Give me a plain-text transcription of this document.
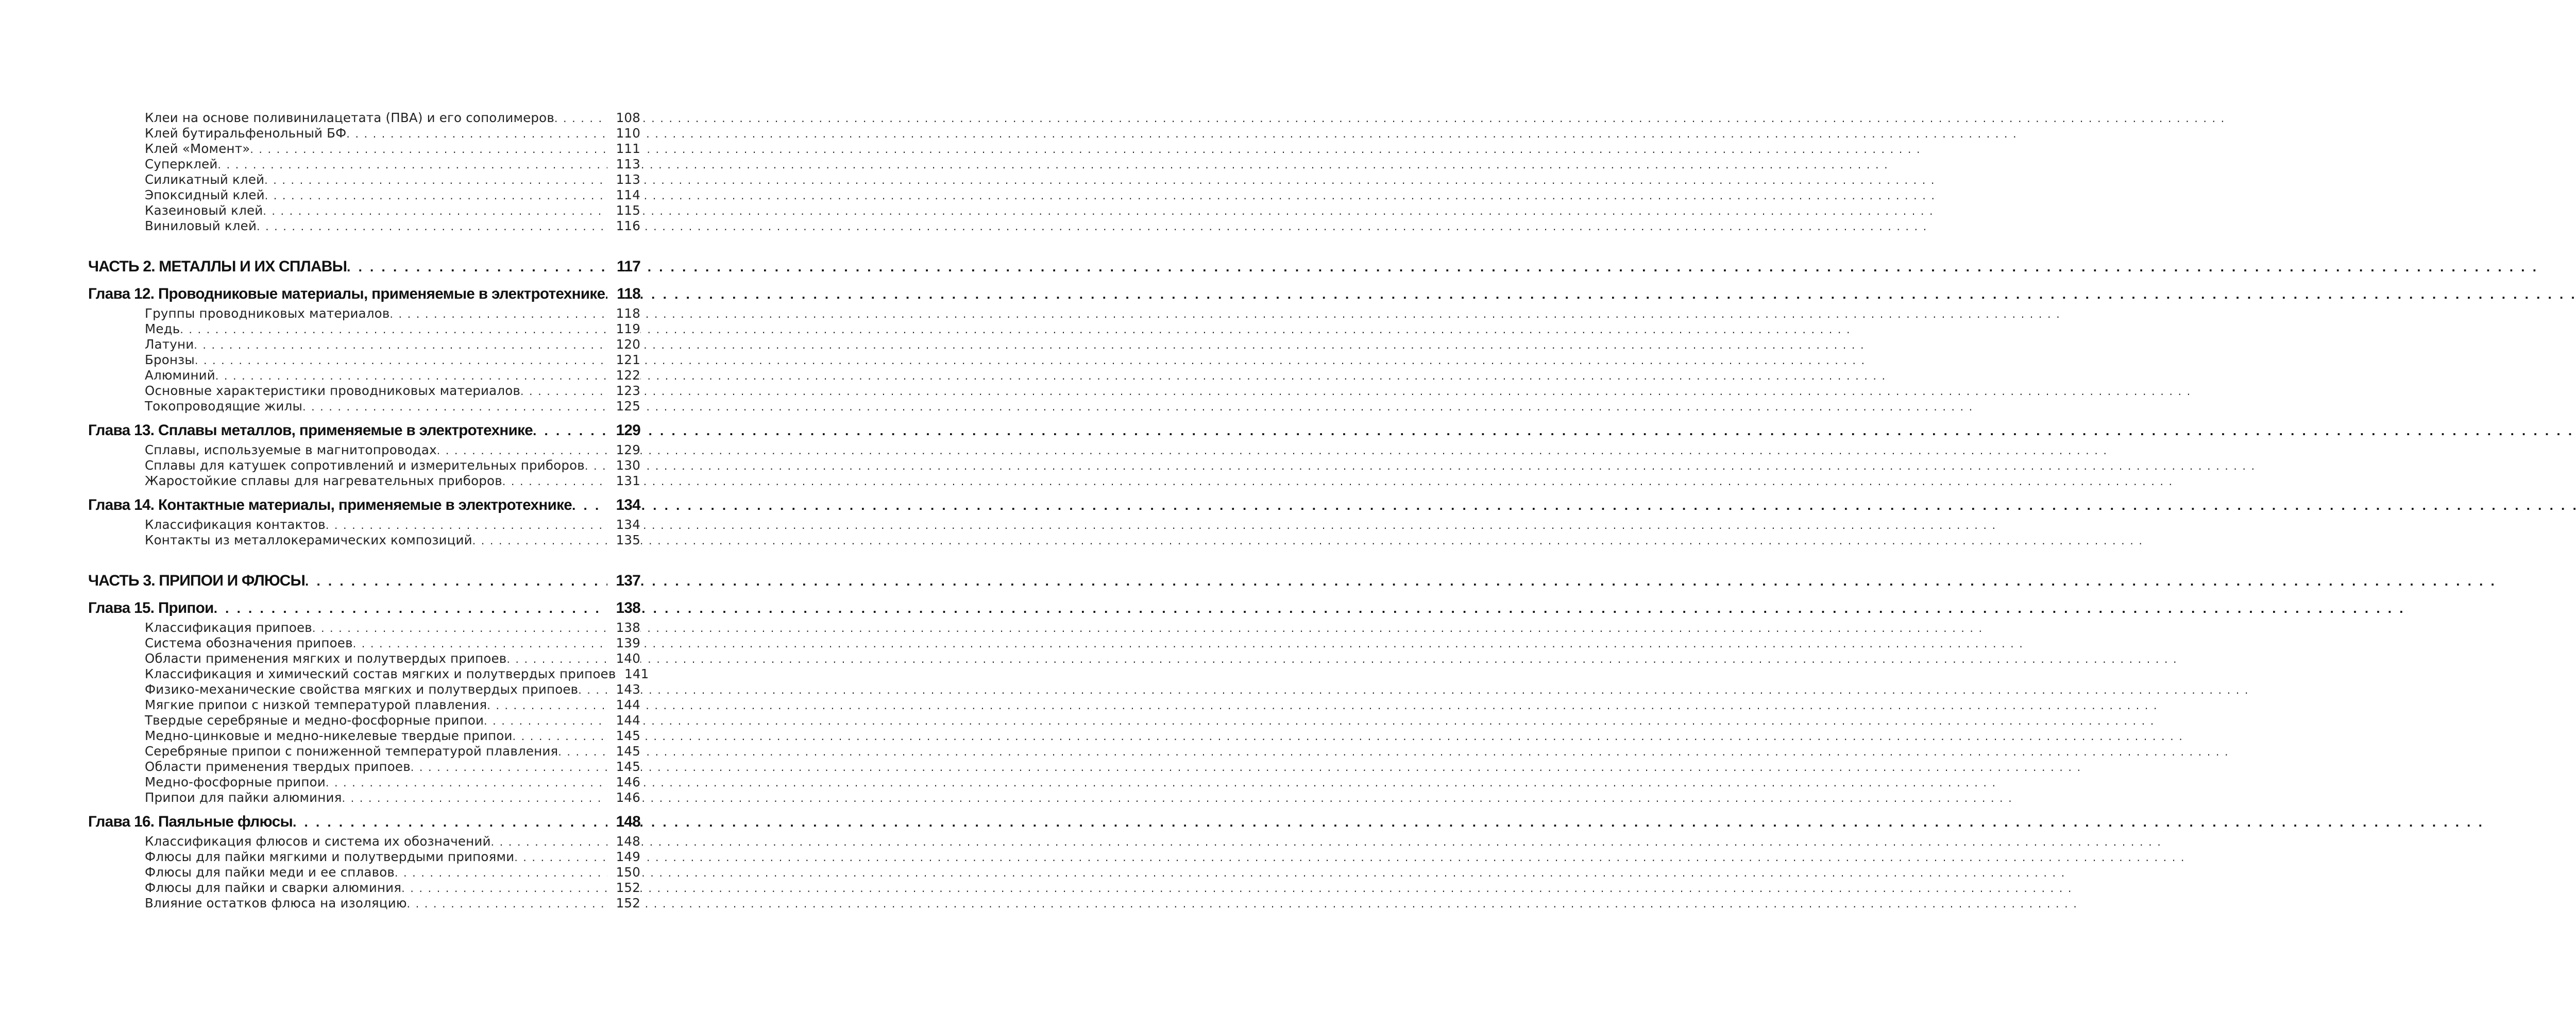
Клеи на основе поливинилацетата (ПВА) и его сополимеров . . .	108
Клей бутиральфенольный БФ . . .	110
Клей «Момент» . . .	111
Суперклей . . .	113
Силикатный клей . . .	113
Эпоксидный клей . . .	114
Казеиновый клей . . .	115
Виниловый клей . . .	116
ЧАСТЬ 2. МЕТАЛЛЫ И ИХ СПЛАВЫ . . .	117
Глава 12. Проводниковые материалы, применяемые в электротехнике . . . 118
Группы проводниковых материалов . . .	118
Медь . . .	119
Латуни . . .	120
Бронзы . . .	121
Алюминий . . .	122
Основные характеристики проводниковых материалов . . .	123
Токопроводящие жилы . . .	125
Глава 13. Сплавы металлов, применяемые в электротехнике . . .	129
Сплавы, используемые в магнитопроводах . . .	129
Сплавы для катушек сопротивлений и измерительных приборов . . .	130
Жаростойкие сплавы для нагревательных приборов . . .	131
Глава 14. Контактные материалы, применяемые в электротехнике . . .	134
Классификация контактов . . .	134
Контакты из металлокерамических композиций . . .	135
ЧАСТЬ 3. ПРИПОИ И ФЛЮСЫ . . .	137
Глава 15. Припои . . .	138
Классификация припоев . . .	138
Система обозначения припоев . . .	139
Области применения мягких и полутвердых припоев . . .	140
Классификация и химический состав мягких и полутвердых припоев 141
Физико-механические свойства мягких и полутвердых припоев . . .	143
Мягкие припои с низкой температурой плавления . . .	144
Твердые серебряные и медно-фосфорные припои . . .	144
Медно-цинковые и медно-никелевые твердые припои . . .	145
Серебряные припои с пониженной температурой плавления . . .	145
Области применения твердых припоев . . .	145
Медно-фосфорные припои . . .	146
Припои для пайки алюминия . . .	146
Глава 16. Паяльные флюсы . . .	148
Классификация флюсов и система их обозначений . . .	148
Флюсы для пайки мягкими и полутвердыми припоями . . .	149
Флюсы для пайки меди и ее сплавов . . .	150
Флюсы для пайки и сварки алюминия . . .	152
Влияние остатков флюса на изоляцию . . .	152
